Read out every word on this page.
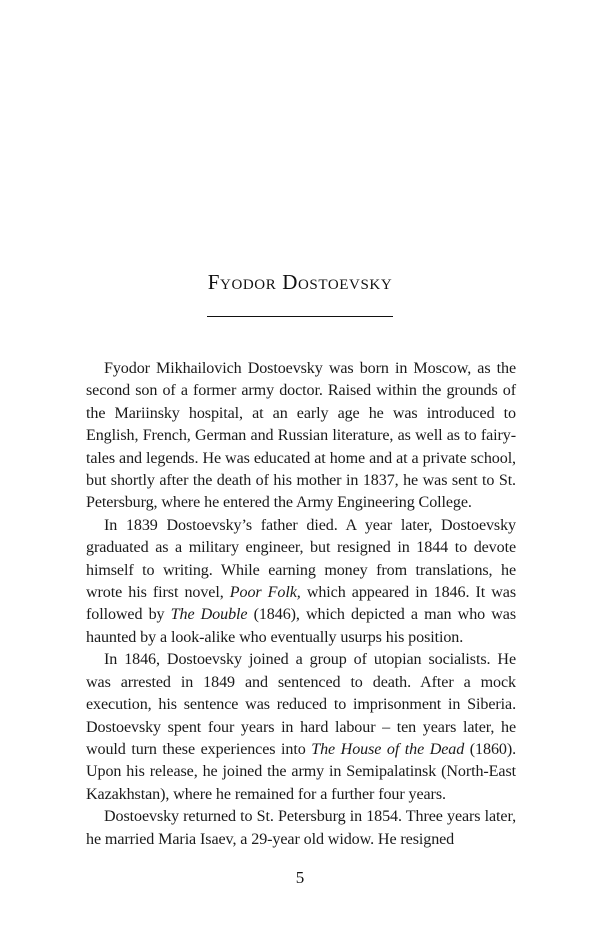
Fyodor Dostoevsky

Fyodor Mikhailovich Dostoevsky was born in Moscow, as the second son of a former army doctor. Raised within the grounds of the Mariinsky hospital, at an early age he was introduced to English, French, German and Russian literature, as well as to fairy-tales and legends. He was educated at home and at a private school, but shortly after the death of his mother in 1837, he was sent to St. Petersburg, where he entered the Army Engineering College.

In 1839 Dostoevsky’s father died. A year later, Dostoevsky graduated as a military engineer, but resigned in 1844 to devote himself to writing. While earning money from translations, he wrote his first novel, Poor Folk, which appeared in 1846. It was followed by The Double (1846), which depicted a man who was haunted by a look-alike who eventually usurps his position.

In 1846, Dostoevsky joined a group of utopian socialists. He was arrested in 1849 and sentenced to death. After a mock execution, his sentence was reduced to imprisonment in Siberia. Dostoevsky spent four years in hard labour – ten years later, he would turn these experiences into The House of the Dead (1860). Upon his release, he joined the army in Semipalatinsk (North-East Kazakhstan), where he remained for a further four years.

Dostoevsky returned to St. Petersburg in 1854. Three years later, he married Maria Isaev, a 29-year old widow. He resigned

5
